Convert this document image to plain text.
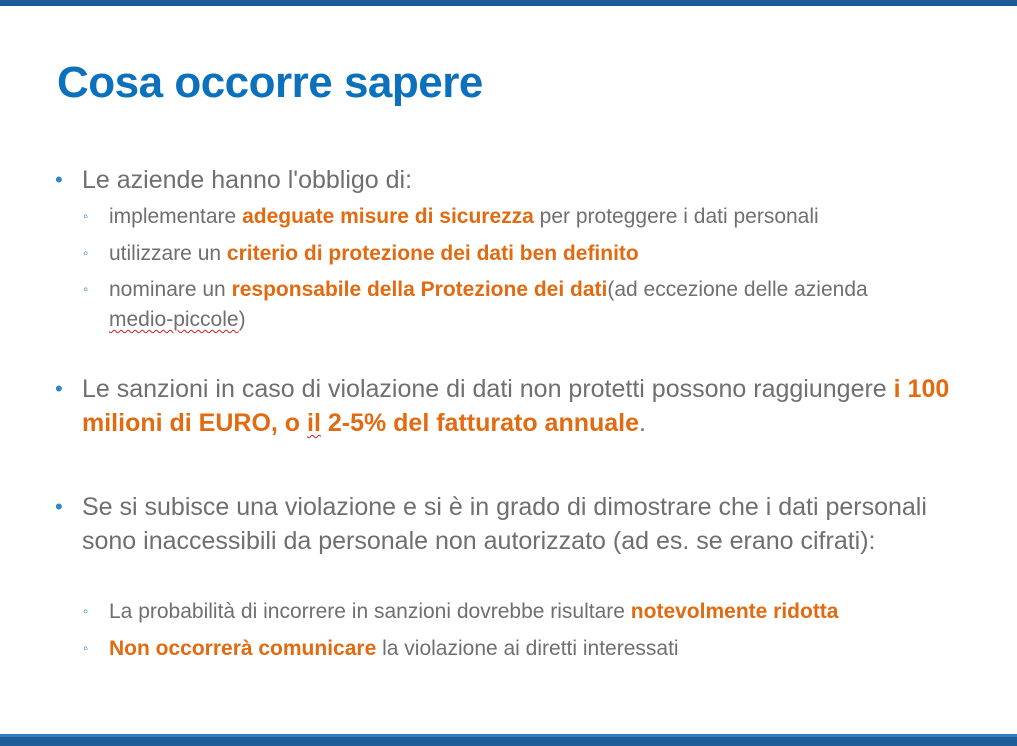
Cosa occorre sapere
• Le aziende hanno l'obbligo di:
◦ implementare adeguate misure di sicurezza per proteggere i dati personali
◦ utilizzare un criterio di protezione dei dati ben definito
◦ nominare un responsabile della Protezione dei dati(ad eccezione delle azienda medio-piccole)
• Le sanzioni in caso di violazione di dati non protetti possono raggiungere i 100 milioni di EURO, o il 2-5% del fatturato annuale.
• Se si subisce una violazione e si è in grado di dimostrare che i dati personali sono inaccessibili da personale non autorizzato (ad es. se erano cifrati):
◦ La probabilità di incorrere in sanzioni dovrebbe risultare notevolmente ridotta
◦ Non occorrerà comunicare la violazione ai diretti interessati
